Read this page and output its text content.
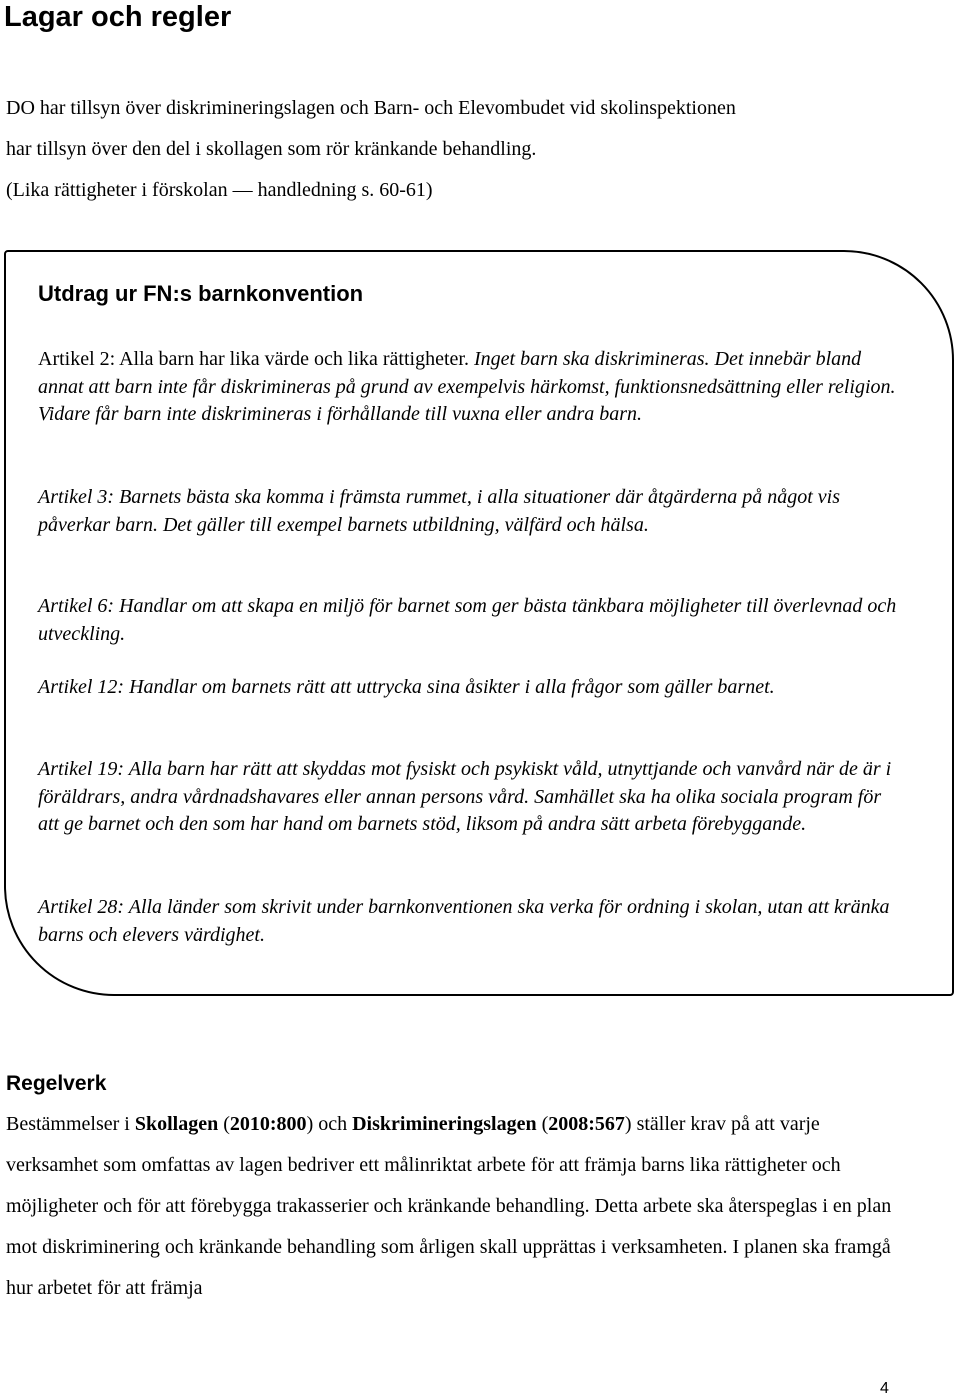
Lagar och regler
DO har tillsyn över diskrimineringslagen och Barn- och Elevombudet vid skolinspektionen
har tillsyn över den del i skollagen som rör kränkande behandling.
(Lika rättigheter i förskolan — handledning s. 60-61)
Utdrag ur FN:s barnkonvention

Artikel 2: Alla barn har lika värde och lika rättigheter. Inget barn ska diskrimineras. Det innebär bland annat att barn inte får diskrimineras på grund av exempelvis härkomst, funktionsnedsättning eller religion. Vidare får barn inte diskrimineras i förhållande till vuxna eller andra barn.

Artikel 3: Barnets bästa ska komma i främsta rummet, i alla situationer där åtgärderna på något vis påverkar barn. Det gäller till exempel barnets utbildning, välfärd och hälsa.

Artikel 6: Handlar om att skapa en miljö för barnet som ger bästa tänkbara möjligheter till överlevnad och utveckling.

Artikel 12: Handlar om barnets rätt att uttrycka sina åsikter i alla frågor som gäller barnet.

Artikel 19: Alla barn har rätt att skyddas mot fysiskt och psykiskt våld, utnyttjande och vanvård när de är i föräldrars, andra vårdnadshavares eller annan persons vård. Samhället ska ha olika sociala program för att ge barnet och den som har hand om barnets stöd, liksom på andra sätt arbeta förebyggande.

Artikel 28: Alla länder som skrivit under barnkonventionen ska verka för ordning i skolan, utan att kränka barns och elevers värdighet.

Regelverk

Bestämmelser i Skollagen (2010:800) och Diskrimineringslagen (2008:567) ställer krav på att varje verksamhet som omfattas av lagen bedriver ett målinriktat arbete för att främja barns lika rättigheter och möjligheter och för att förebygga trakasserier och kränkande behandling. Detta arbete ska återspeglas i en plan mot diskriminering och kränkande behandling som årligen skall upprättas i verksamheten. I planen ska framgå hur arbetet för att främja

4
